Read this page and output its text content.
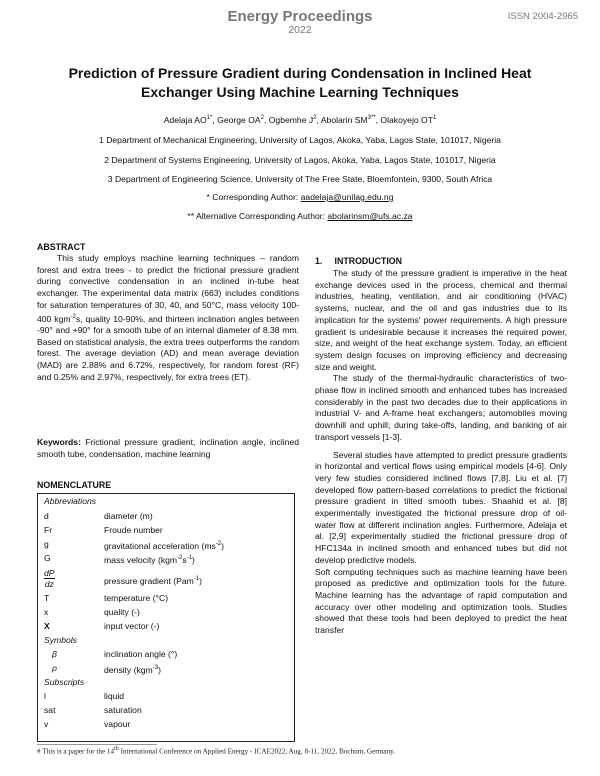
Energy Proceedings
2022
ISSN 2004-2965
Prediction of Pressure Gradient during Condensation in Inclined Heat
Exchanger Using Machine Learning Techniques
Adelaja $AO^{1*}$, George $OA^2$, Ogbemhe $J^2$, Abolarin $SM^{3**}$, Olakoyejo $OT^1$
1 Department of Mechanical Engineering, University of Lagos, Akoka, Yaba, Lagos State, 101017, Nigeria
2 Department of Systems Engineering, University of Lagos, Akoka, Yaba, Lagos State, 101017, Nigeria
3 Department of Engineering Science, University of The Free State, Bloemfontein, 9300, South Africa
* Corresponding Author: aadelaja@unilag.edu.ng
** Alternative Corresponding Author: abolarinsm@ufs.ac.za
ABSTRACT

This study employs machine learning techniques – random forest and extra trees - to predict the frictional pressure gradient during convective condensation in an inclined in-tube heat exchanger. The experimental data matrix (663) includes conditions for saturation temperatures of 30, 40, and 50°C, mass velocity 100-400 kgm$^{-2}$s, quality 10-90%, and thirteen inclination angles between -90° and +90° for a smooth tube of an internal diameter of 8.38 mm. Based on statistical analysis, the extra trees outperforms the random forest. The average deviation (AD) and mean average deviation (MAD) are 2.88% and 6.72%, respectively, for random forest (RF) and 0.25% and 2.97%, respectively, for extra trees (ET).

Keywords: Frictional pressure gradient, inclination angle, inclined smooth tube, condensation, machine learning

NOMENCLATURE
Abbreviations
d	diameter (m)
Fr	Froude number
g	gravitational acceleration $(ms^{-2})$
G	mass velocity $(kgm^{-2}s^{-1})$
$\frac{dP}{dz}$	pressure gradient (Pam$^{-1}$)
T	temperature (°C)
x	quality (-)
X	input vector (-)
Symbols
β	inclination angle (°)
ρ	density (kgm$^{-3}$)
Subscripts
l	liquid
sat	saturation
v	vapour
1.     INTRODUCTION

The study of the pressure gradient is imperative in the heat exchange devices used in the process, chemical and thermal industries, heating, ventilation, and air conditioning (HVAC) systems, nuclear, and the oil and gas industries due to its implication for the systems' power requirements. A high pressure gradient is undesirable because it increases the required power, size, and weight of the heat exchange system. Today, an efficient system design focuses on improving efficiency and decreasing size and weight.

The study of the thermal-hydraulic characteristics of two-phase flow in inclined smooth and enhanced tubes has increased considerably in the past two decades due to their applications in industrial V- and A-frame heat exchangers; automobiles moving downhill and uphill; during take-offs, landing, and banking of air transport vessels [1-3].

Several studies have attempted to predict pressure gradients in horizontal and vertical flows using empirical models [4-6]. Only very few studies considered inclined flows [7,8]. Liu et al. [7] developed flow pattern-based correlations to predict the frictional pressure gradient in tilted smooth tubes. Shaahid et al. [8] experimentally investigated the frictional pressure drop of oil-water flow at different inclination angles. Furthermore, Adelaja et al. [2,9] experimentally studied the frictional pressure drop of HFC134a in inclined smooth and enhanced tubes but did not develop predictive models.

Soft computing techniques such as machine learning have been proposed as predictive and optimization tools for the future. Machine learning has the advantage of rapid computation and accuracy over other modeling and optimization tools. Studies showed that these tools had been deployed to predict the heat transfer

# This is a paper for the 14th International Conference on Applied Energy - ICAE2022, Aug. 8-11, 2022, Bochum, Germany.
